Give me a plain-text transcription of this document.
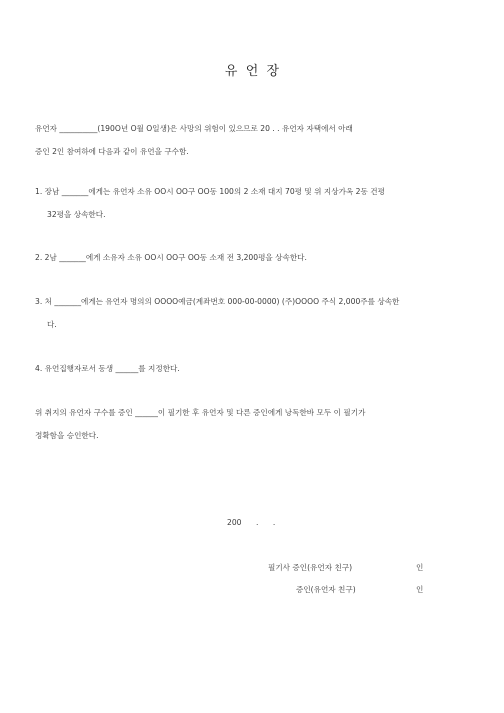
유  언  장
유언자 __________(190O년 O월 O일생)은 사망의 위험이 있으므로 20 . . 유언자 자택에서 아래
증인 2인 참여하에 다음과 같이 유언을 구수함.
1. 장남 _______에게는 유언자 소유 OO시 OO구 OO동 100의 2 소재 대지 70평 및 위 지상가옥 2동 건평
32평을 상속한다.
2. 2남 _______에게 소유자 소유 OO시 OO구 OO동 소재 전 3,200평을 상속한다.
3. 처 _______에게는 유언자 명의의 OOOO예금(계좌번호 000-00-0000) (주)OOOO 주식 2,000주를 상속한
다.
4. 유언집행자로서 동생 ______를 지정한다.
위 취지의 유언자 구수를 증인 ______이 필기한 후 유언자 및 다른 증인에게 낭독한바 모두 이 필기가
정확함을 승인한다.
200      .      .
필기사 증인(유언자 친구)	인
증인(유언자 친구)	인
